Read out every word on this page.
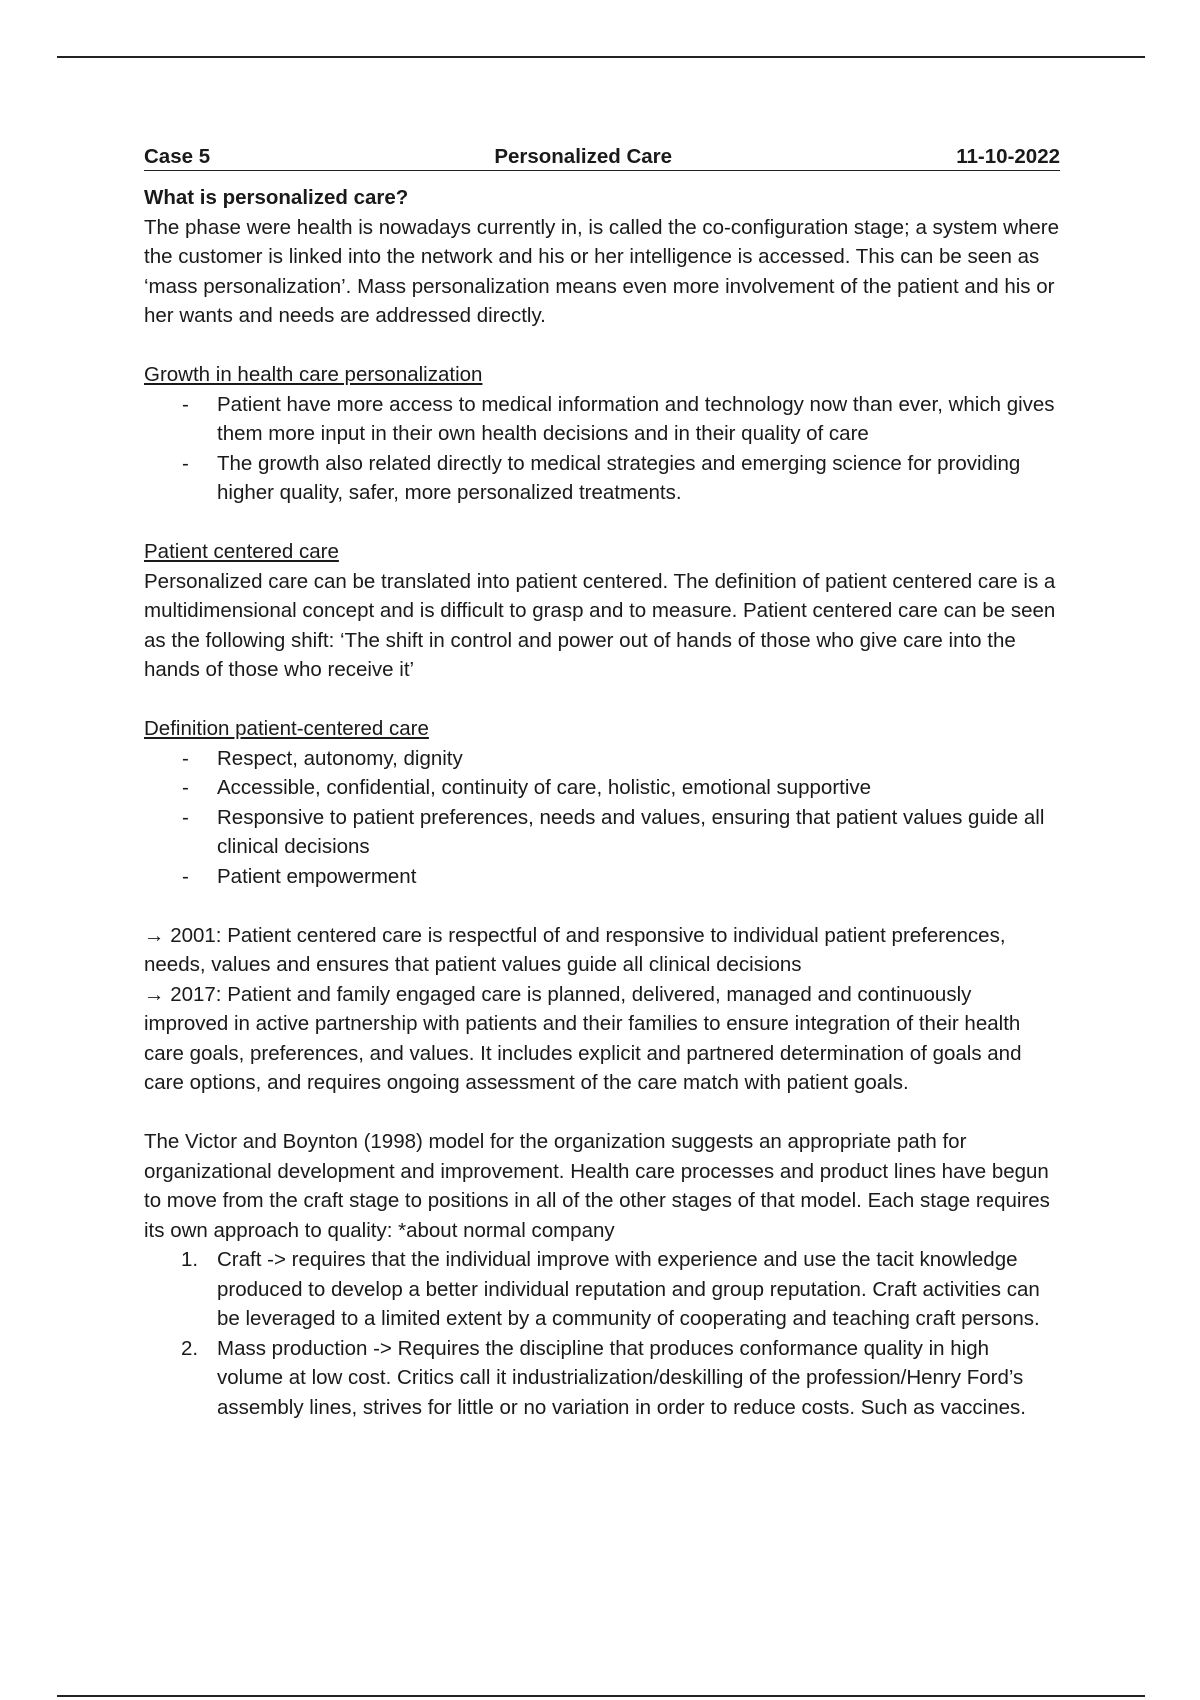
Case 5	Personalized Care	11-10-2022

What is personalized care?

The phase were health is nowadays currently in, is called the co-configuration stage; a system where the customer is linked into the network and his or her intelligence is accessed. This can be seen as ‘mass personalization’. Mass personalization means even more involvement of the patient and his or her wants and needs are addressed directly.

Growth in health care personalization

- Patient have more access to medical information and technology now than ever, which gives them more input in their own health decisions and in their quality of care
- The growth also related directly to medical strategies and emerging science for providing higher quality, safer, more personalized treatments.

Patient centered care

Personalized care can be translated into patient centered. The definition of patient centered care is a multidimensional concept and is difficult to grasp and to measure. Patient centered care can be seen as the following shift: ‘The shift in control and power out of hands of those who give care into the hands of those who receive it’

Definition patient-centered care

- Respect, autonomy, dignity
- Accessible, confidential, continuity of care, holistic, emotional supportive
- Responsive to patient preferences, needs and values, ensuring that patient values guide all clinical decisions
- Patient empowerment

→ 2001: Patient centered care is respectful of and responsive to individual patient preferences, needs, values and ensures that patient values guide all clinical decisions

→ 2017: Patient and family engaged care is planned, delivered, managed and continuously improved in active partnership with patients and their families to ensure integration of their health care goals, preferences, and values. It includes explicit and partnered determination of goals and care options, and requires ongoing assessment of the care match with patient goals.

The Victor and Boynton (1998) model for the organization suggests an appropriate path for organizational development and improvement. Health care processes and product lines have begun to move from the craft stage to positions in all of the other stages of that model. Each stage requires its own approach to quality: *about normal company

1. Craft -> requires that the individual improve with experience and use the tacit knowledge produced to develop a better individual reputation and group reputation. Craft activities can be leveraged to a limited extent by a community of cooperating and teaching craft persons.
2. Mass production -> Requires the discipline that produces conformance quality in high volume at low cost. Critics call it industrialization/deskilling of the profession/Henry Ford’s assembly lines, strives for little or no variation in order to reduce costs. Such as vaccines.
